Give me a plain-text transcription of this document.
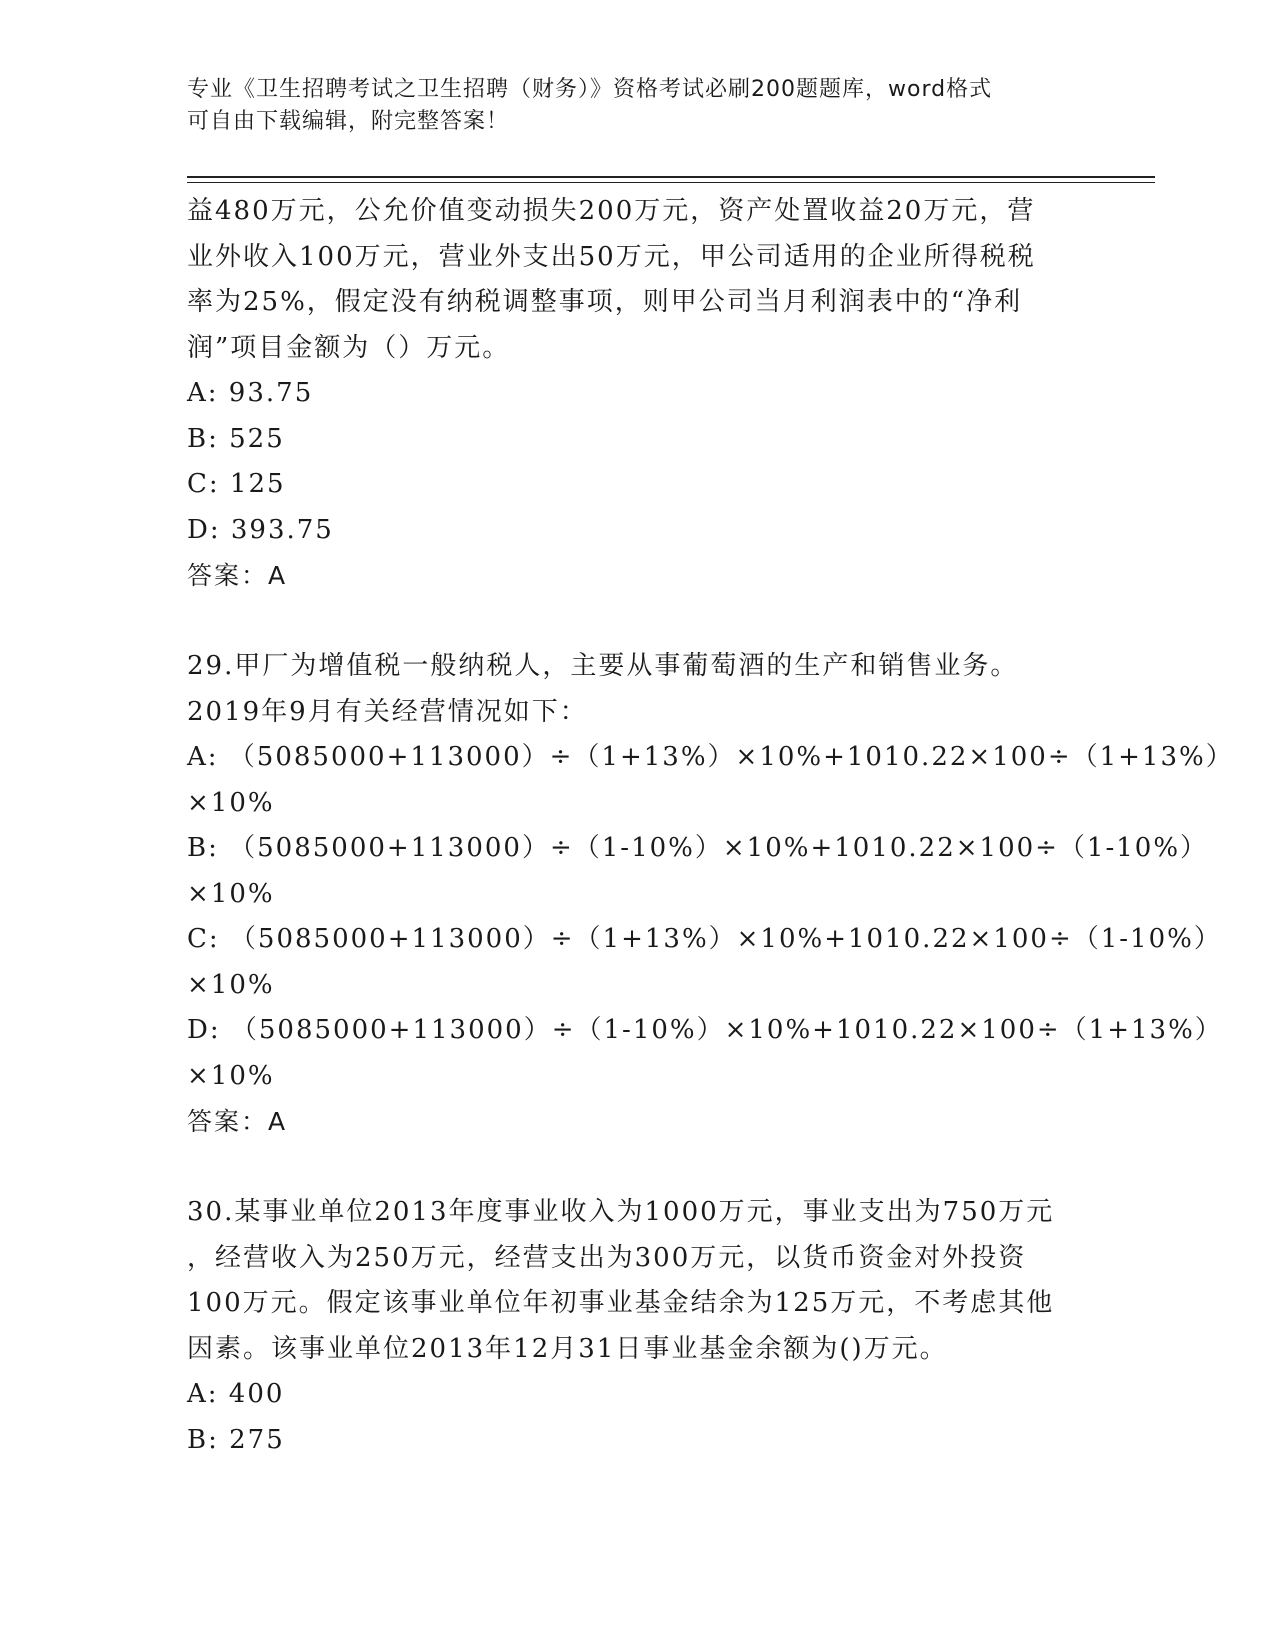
专业《卫生招聘考试之卫生招聘（财务）》资格考试必刷200题题库，word格式
可自由下载编辑，附完整答案！
益480万元，公允价值变动损失200万元，资产处置收益20万元，营
业外收入100万元，营业外支出50万元，甲公司适用的企业所得税税
率为25%，假定没有纳税调整事项，则甲公司当月利润表中的“净利
润”项目金额为（）万元。
A: 93.75
B: 525
C: 125
D: 393.75
答案：A
29.甲厂为增值税一般纳税人，主要从事葡萄酒的生产和销售业务。
2019年9月有关经营情况如下：
A: （5085000+113000）÷（1+13%）×10%+1010.22×100÷（1+13%）
×10%
B: （5085000+113000）÷（1-10%）×10%+1010.22×100÷（1-10%）
×10%
C: （5085000+113000）÷（1+13%）×10%+1010.22×100÷（1-10%）
×10%
D: （5085000+113000）÷（1-10%）×10%+1010.22×100÷（1+13%）
×10%
答案：A
30.某事业单位2013年度事业收入为1000万元，事业支出为750万元
，经营收入为250万元，经营支出为300万元，以货币资金对外投资
100万元。假定该事业单位年初事业基金结余为125万元，不考虑其他
因素。该事业单位2013年12月31日事业基金余额为()万元。
A: 400
B: 275
